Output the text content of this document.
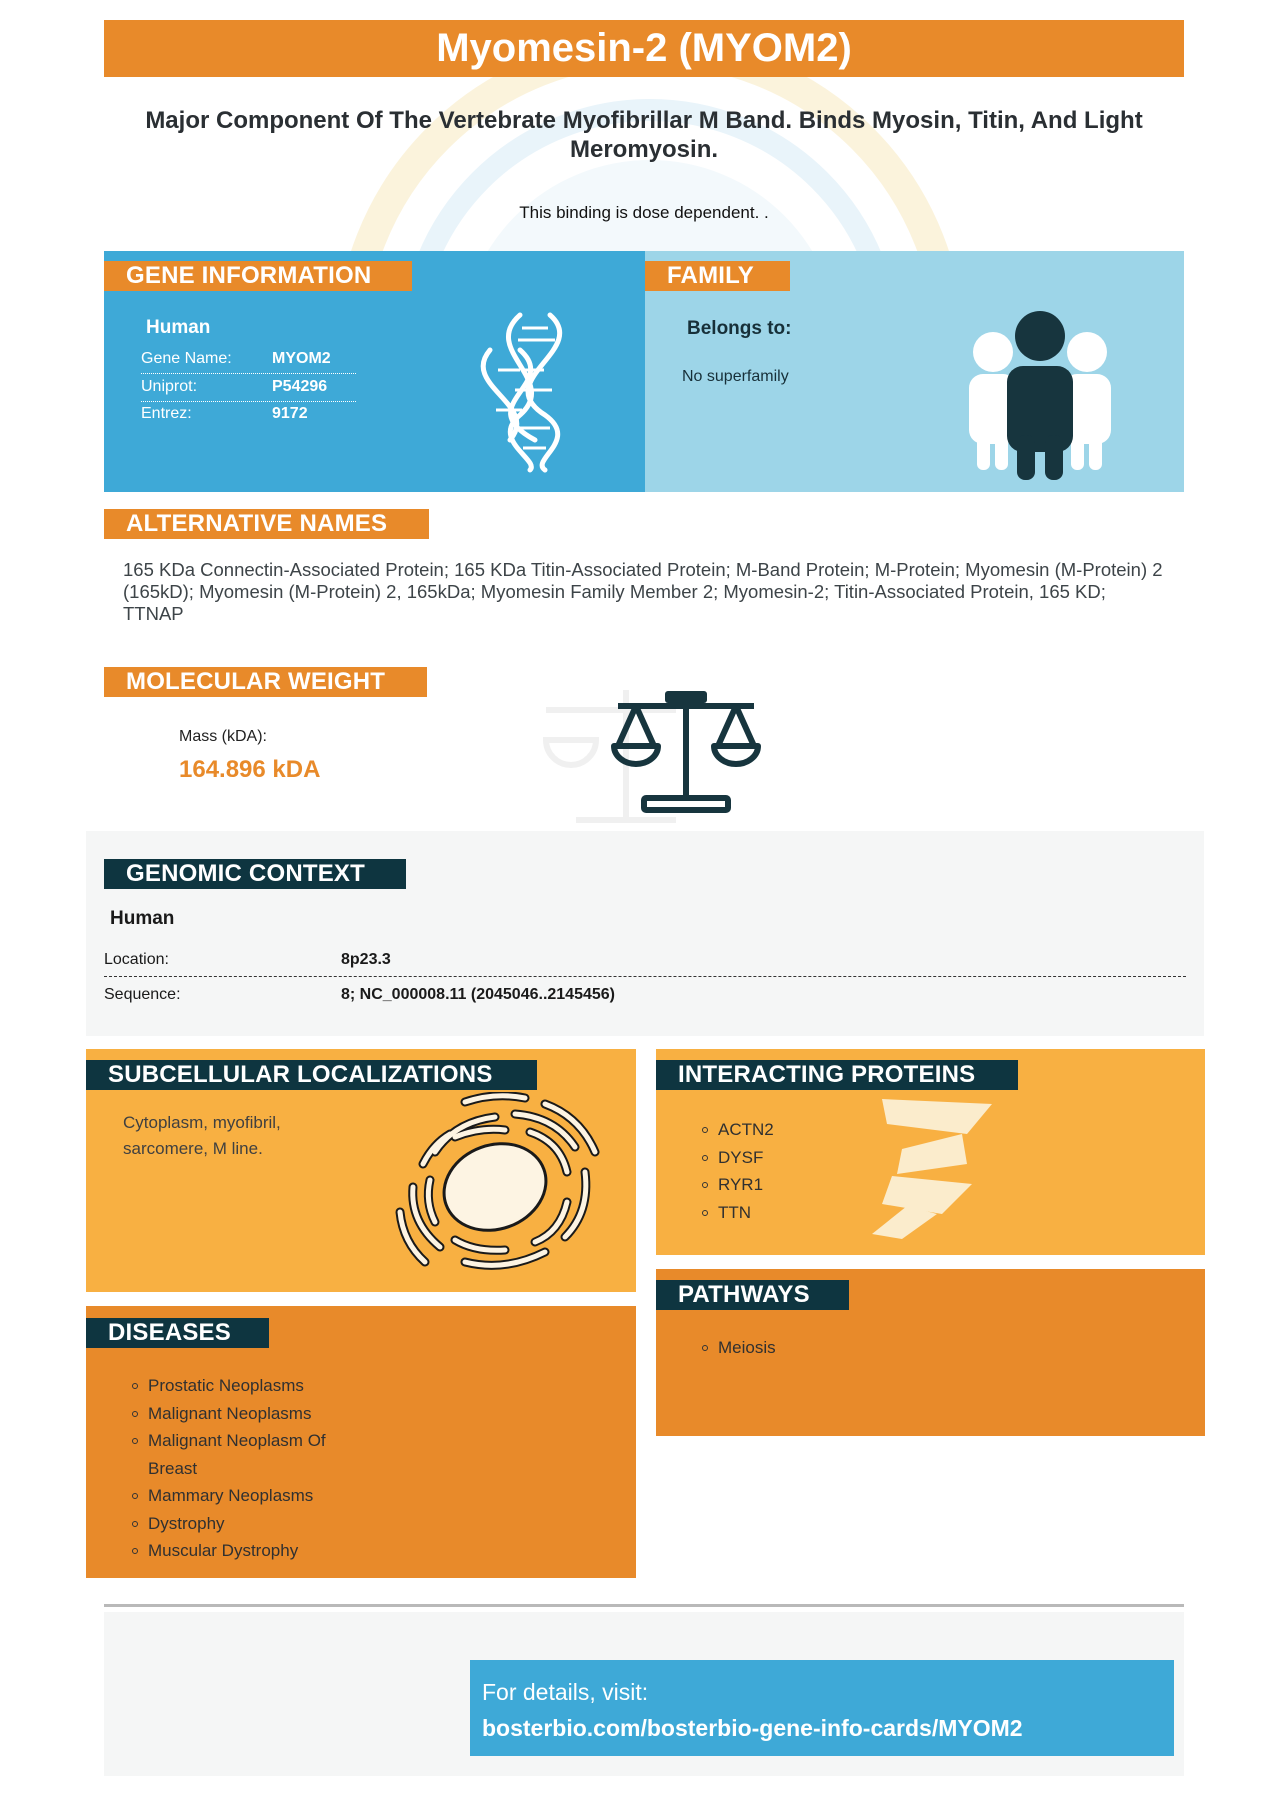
Myomesin-2 (MYOM2)
Major Component Of The Vertebrate Myofibrillar M Band. Binds Myosin, Titin, And Light Meromyosin.
This binding is dose dependent. .
GENE INFORMATION
Human
Gene Name:	MYOM2
Uniprot:	P54296
Entrez:	9172
FAMILY
Belongs to:
No superfamily
ALTERNATIVE NAMES
165 KDa Connectin-Associated Protein; 165 KDa Titin-Associated Protein; M-Band Protein; M-Protein; Myomesin (M-Protein) 2 (165kD); Myomesin (M-Protein) 2, 165kDa; Myomesin Family Member 2; Myomesin-2; Titin-Associated Protein, 165 KD; TTNAP
MOLECULAR WEIGHT
Mass (kDA):
164.896 kDA
GENOMIC CONTEXT
Human
Location:	8p23.3
Sequence:	8; NC_000008.11 (2045046..2145456)
SUBCELLULAR LOCALIZATIONS
Cytoplasm, myofibril,
sarcomere, M line.
INTERACTING PROTEINS
ACTN2
DYSF
RYR1
TTN
PATHWAYS
Meiosis
DISEASES
Prostatic Neoplasms
Malignant Neoplasms
Malignant Neoplasm Of
Breast
Mammary Neoplasms
Dystrophy
Muscular Dystrophy
For details, visit:
bosterbio.com/bosterbio-gene-info-cards/MYOM2
